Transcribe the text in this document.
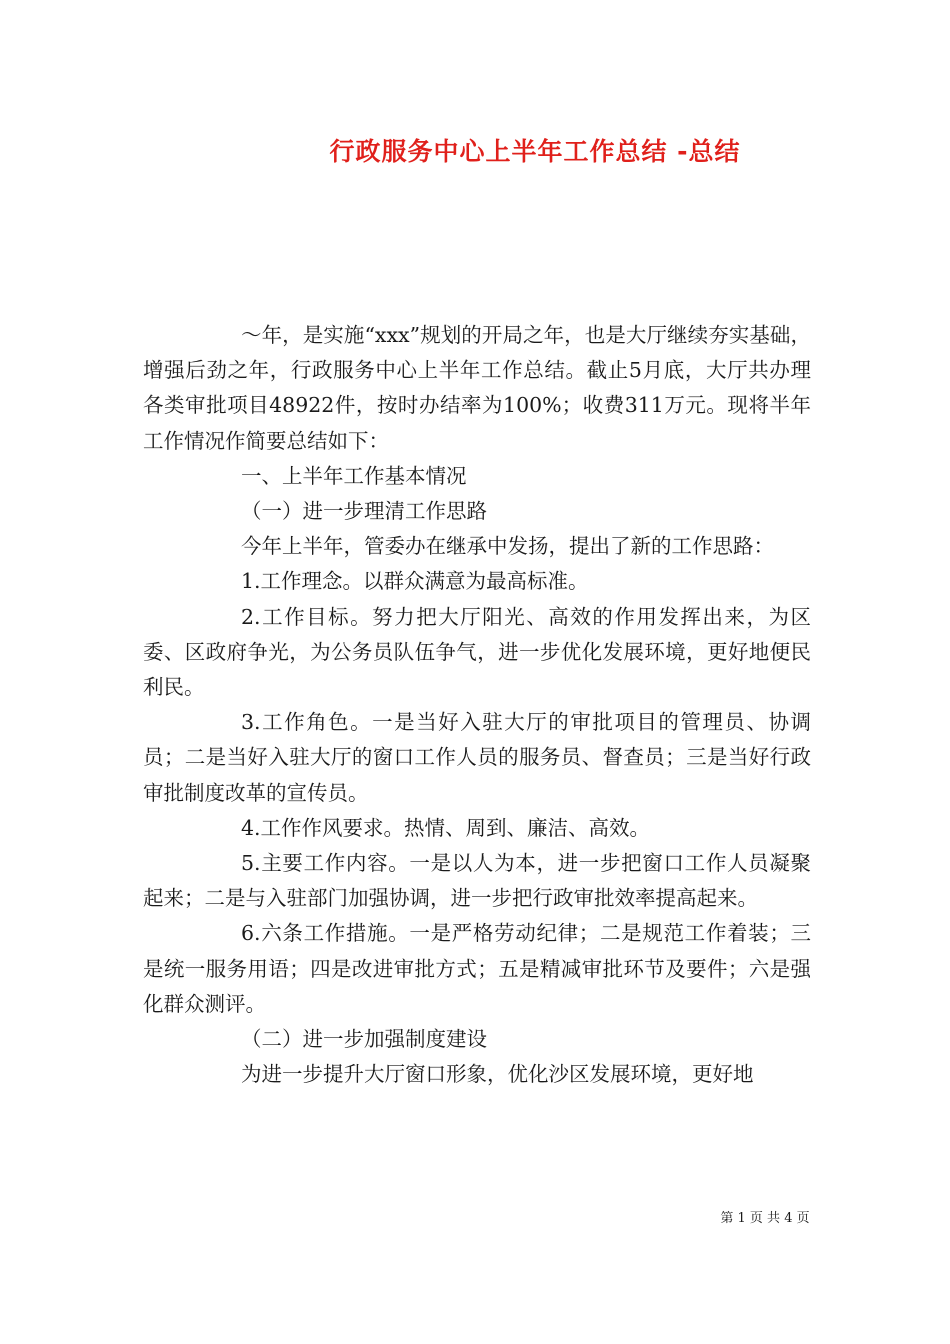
行政服务中心上半年工作总结 -总结

～年，是实施“xxx”规划的开局之年，也是大厅继续夯实基础，增强后劲之年，行政服务中心上半年工作总结。截止5月底，大厅共办理各类审批项目48922件，按时办结率为100%；收费311万元。现将半年工作情况作简要总结如下：

一、上半年工作基本情况

（一）进一步理清工作思路

今年上半年，管委办在继承中发扬，提出了新的工作思路：

1.工作理念。以群众满意为最高标准。

2.工作目标。努力把大厅阳光、高效的作用发挥出来，为区委、区政府争光，为公务员队伍争气，进一步优化发展环境，更好地便民利民。

3.工作角色。一是当好入驻大厅的审批项目的管理员、协调员；二是当好入驻大厅的窗口工作人员的服务员、督查员；三是当好行政审批制度改革的宣传员。

4.工作作风要求。热情、周到、廉洁、高效。

5.主要工作内容。一是以人为本，进一步把窗口工作人员凝聚起来；二是与入驻部门加强协调，进一步把行政审批效率提高起来。

6.六条工作措施。一是严格劳动纪律；二是规范工作着装；三是统一服务用语；四是改进审批方式；五是精减审批环节及要件；六是强化群众测评。

（二）进一步加强制度建设

为进一步提升大厅窗口形象，优化沙区发展环境，更好地

第 1 页 共 4 页
